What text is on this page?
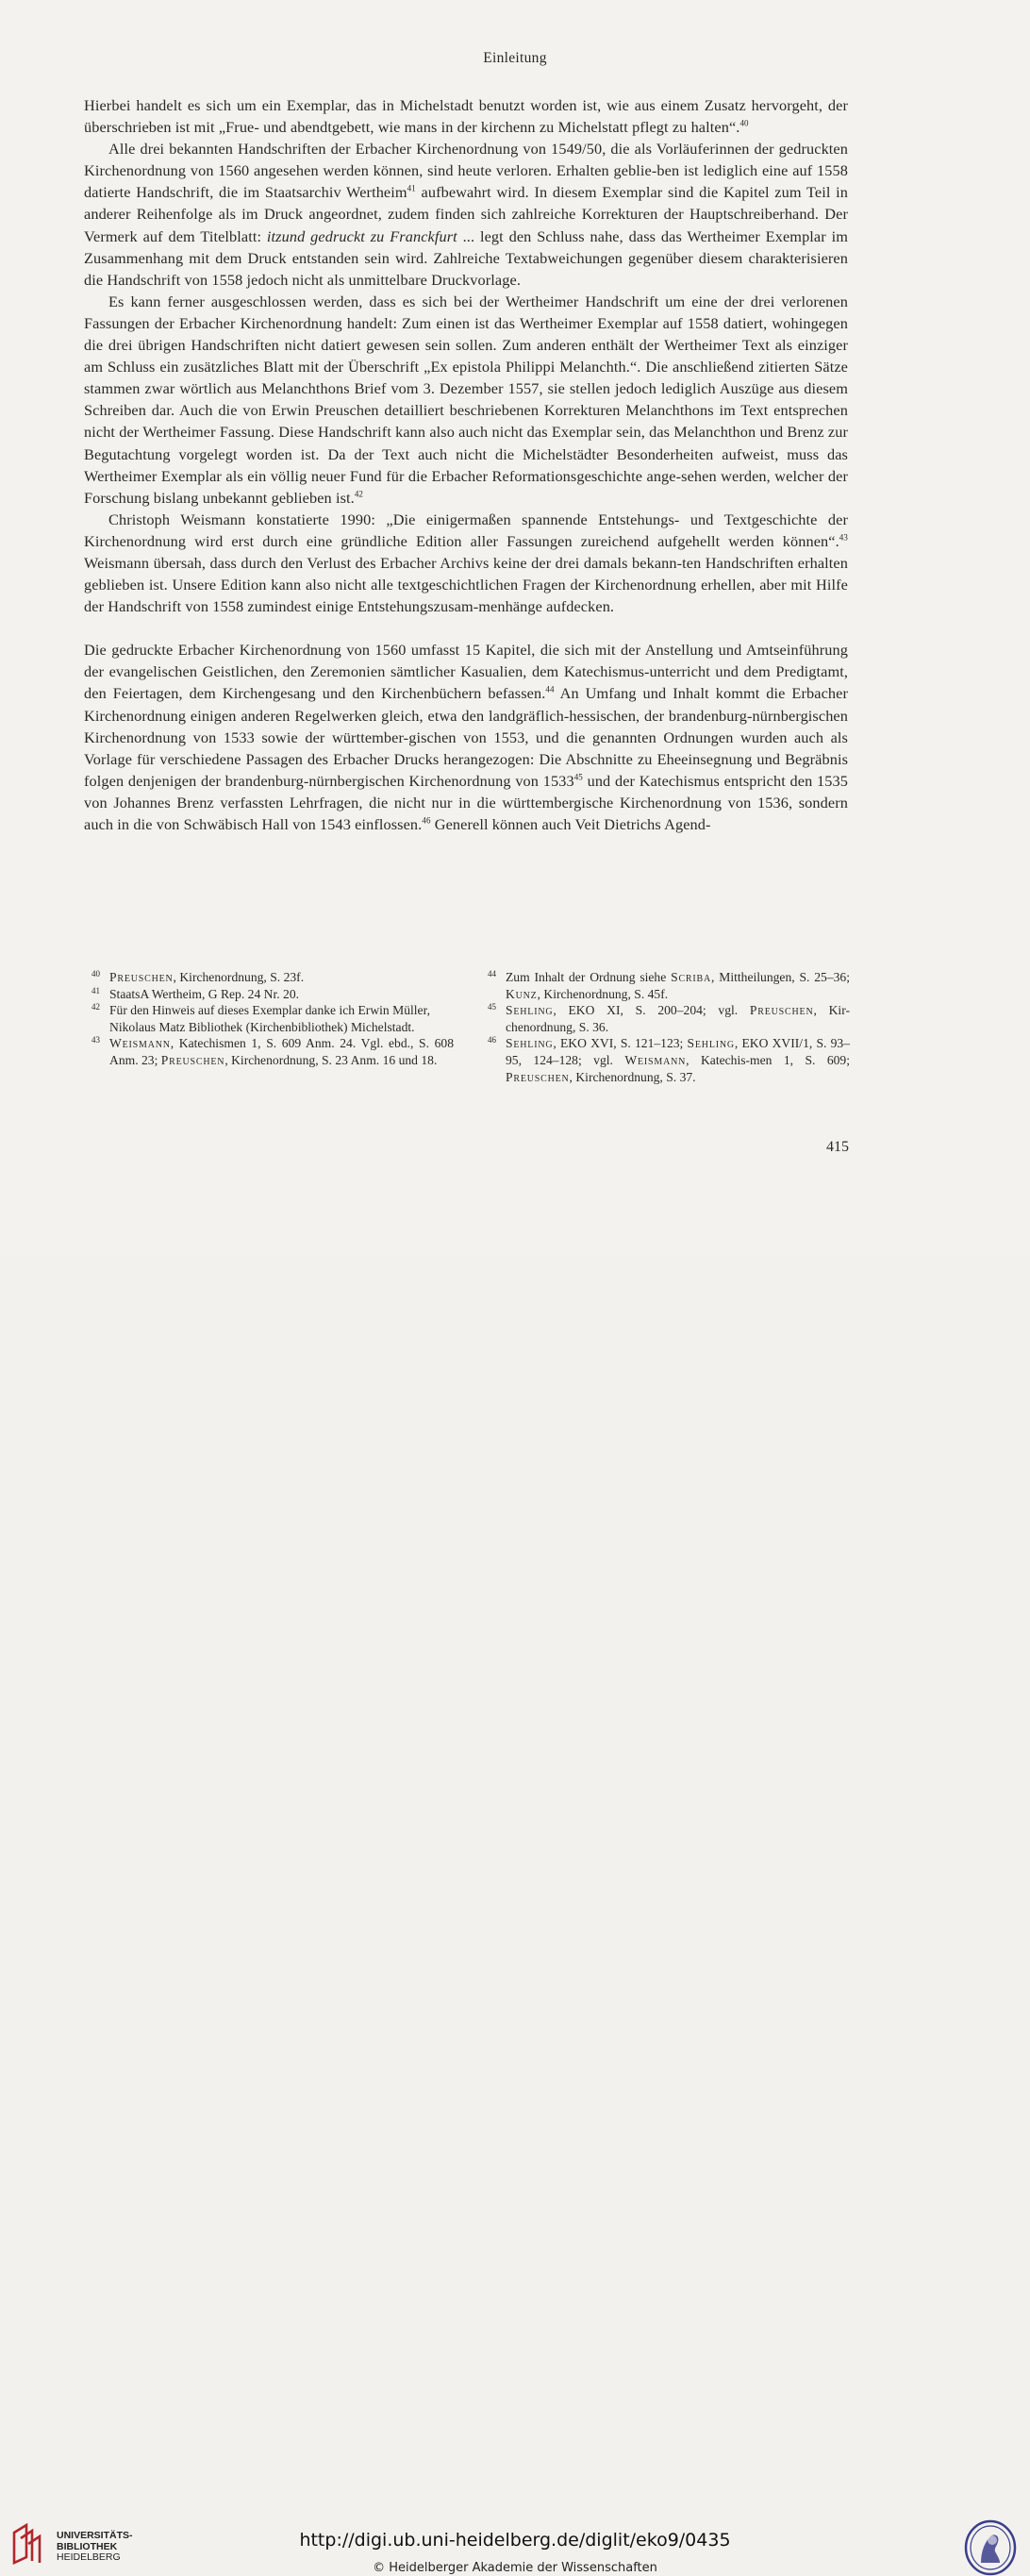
Einleitung

Hierbei handelt es sich um ein Exemplar, das in Michelstadt benutzt worden ist, wie aus einem Zusatz hervorgeht, der überschrieben ist mit „Frue- und abendtgebett, wie mans in der kirchenn zu Michelstatt pflegt zu halten“.$^{40}$

Alle drei bekannten Handschriften der Erbacher Kirchenordnung von 1549/50, die als Vorläuferinnen der gedruckten Kirchenordnung von 1560 angesehen werden können, sind heute verloren. Erhalten geblie-ben ist lediglich eine auf 1558 datierte Handschrift, die im Staatsarchiv Wertheim$^{41}$ aufbewahrt wird. In diesem Exemplar sind die Kapitel zum Teil in anderer Reihenfolge als im Druck angeordnet, zudem finden sich zahlreiche Korrekturen der Hauptschreiberhand. Der Vermerk auf dem Titelblatt: itzund gedruckt zu Franckfurt ... legt den Schluss nahe, dass das Wertheimer Exemplar im Zusammenhang mit dem Druck entstanden sein wird. Zahlreiche Textabweichungen gegenüber diesem charakterisieren die Handschrift von 1558 jedoch nicht als unmittelbare Druckvorlage.

Es kann ferner ausgeschlossen werden, dass es sich bei der Wertheimer Handschrift um eine der drei verlorenen Fassungen der Erbacher Kirchenordnung handelt: Zum einen ist das Wertheimer Exemplar auf 1558 datiert, wohingegen die drei übrigen Handschriften nicht datiert gewesen sein sollen. Zum anderen enthält der Wertheimer Text als einziger am Schluss ein zusätzliches Blatt mit der Überschrift „Ex epistola Philippi Melanchth.“. Die anschließend zitierten Sätze stammen zwar wörtlich aus Melanchthons Brief vom 3. Dezember 1557, sie stellen jedoch lediglich Auszüge aus diesem Schreiben dar. Auch die von Erwin Preuschen detailliert beschriebenen Korrekturen Melanchthons im Text entsprechen nicht der Wertheimer Fassung. Diese Handschrift kann also auch nicht das Exemplar sein, das Melanchthon und Brenz zur Begutachtung vorgelegt worden ist. Da der Text auch nicht die Michelstädter Besonderheiten aufweist, muss das Wertheimer Exemplar als ein völlig neuer Fund für die Erbacher Reformationsgeschichte ange-sehen werden, welcher der Forschung bislang unbekannt geblieben ist.$^{42}$

Christoph Weismann konstatierte 1990: „Die einigermaßen spannende Entstehungs- und Textgeschichte der Kirchenordnung wird erst durch eine gründliche Edition aller Fassungen zureichend aufgehellt werden können“.$^{43}$ Weismann übersah, dass durch den Verlust des Erbacher Archivs keine der drei damals bekann-ten Handschriften erhalten geblieben ist. Unsere Edition kann also nicht alle textgeschichtlichen Fragen der Kirchenordnung erhellen, aber mit Hilfe der Handschrift von 1558 zumindest einige Entstehungszusam-menhänge aufdecken.

Die gedruckte Erbacher Kirchenordnung von 1560 umfasst 15 Kapitel, die sich mit der Anstellung und Amtseinführung der evangelischen Geistlichen, den Zeremonien sämtlicher Kasualien, dem Katechismus-unterricht und dem Predigtamt, den Feiertagen, dem Kirchengesang und den Kirchenbüchern befassen.$^{44}$ An Umfang und Inhalt kommt die Erbacher Kirchenordnung einigen anderen Regelwerken gleich, etwa den landgräflich-hessischen, der brandenburg-nürnbergischen Kirchenordnung von 1533 sowie der württember-gischen von 1553, und die genannten Ordnungen wurden auch als Vorlage für verschiedene Passagen des Erbacher Drucks herangezogen: Die Abschnitte zu Eheeinsegnung und Begräbnis folgen denjenigen der brandenburg-nürnbergischen Kirchenordnung von 1533$^{45}$ und der Katechismus entspricht den 1535 von Johannes Brenz verfassten Lehrfragen, die nicht nur in die württembergische Kirchenordnung von 1536, sondern auch in die von Schwäbisch Hall von 1543 einflossen.$^{46}$ Generell können auch Veit Dietrichs Agend-

40 Preuschen, Kirchenordnung, S. 23f.
41 StaatsA Wertheim, G Rep. 24 Nr. 20.
42 Für den Hinweis auf dieses Exemplar danke ich Erwin Müller, Nikolaus Matz Bibliothek (Kirchenbibliothek) Michelstadt.
43 Weismann, Katechismen 1, S. 609 Anm. 24. Vgl. ebd., S. 608 Anm. 23; Preuschen, Kirchenordnung, S. 23 Anm. 16 und 18.
44 Zum Inhalt der Ordnung siehe Scriba, Mittheilungen, S. 25–36; Kunz, Kirchenordnung, S. 45f.
45 Sehling, EKO XI, S. 200–204; vgl. Preuschen, Kir-chenordnung, S. 36.
46 Sehling, EKO XVI, S. 121–123; Sehling, EKO XVII/1, S. 93–95, 124–128; vgl. Weismann, Katechis-men 1, S. 609; Preuschen, Kirchenordnung, S. 37.
415
UNIVERSITÄTS-
BIBLIOTHEK
HEIDELBERG
http://digi.ub.uni-heidelberg.de/diglit/eko9/0435
© Heidelberger Akademie der Wissenschaften
